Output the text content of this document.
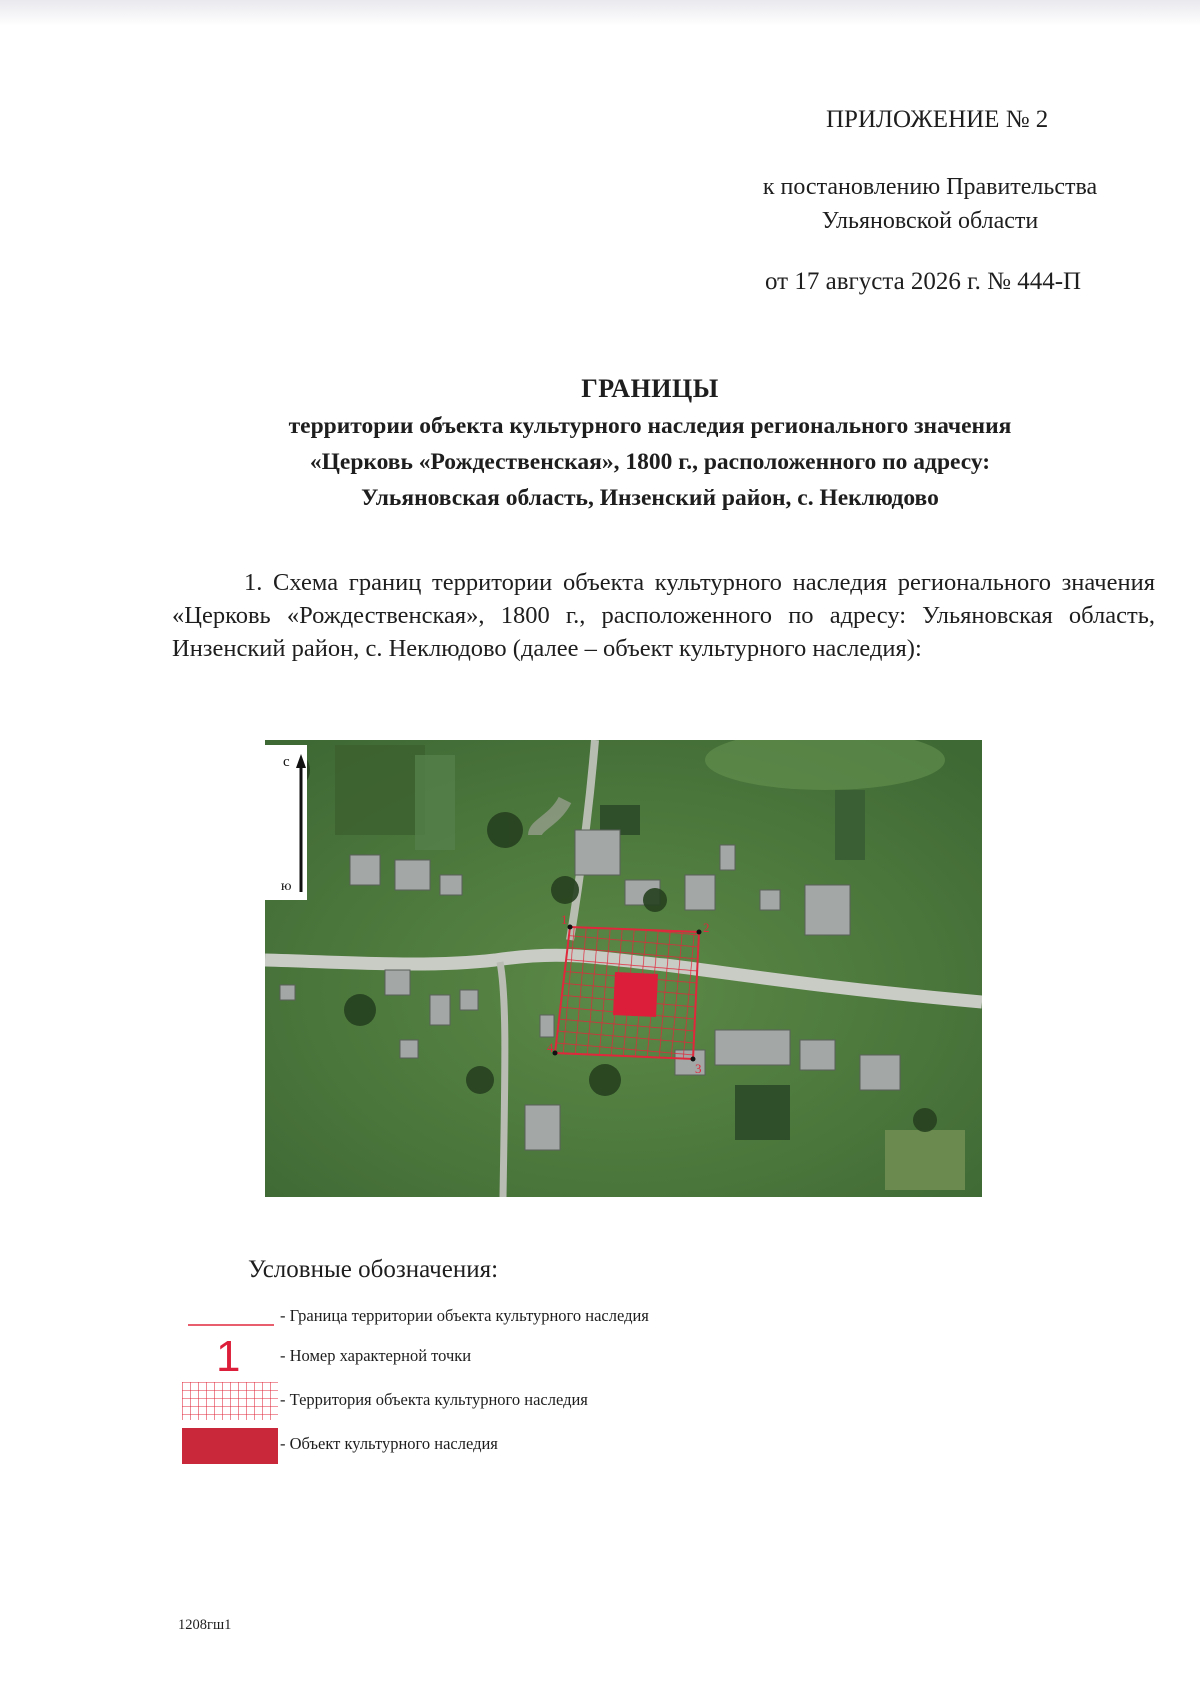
ПРИЛОЖЕНИЕ № 2
к постановлению Правительства
Ульяновской области
от 17 августа 2026 г. № 444-П
ГРАНИЦЫ
территории объекта культурного наследия регионального значения
«Церковь «Рождественская», 1800 г., расположенного по адресу:
Ульяновская область, Инзенский район, с. Неклюдово
1. Схема границ территории объекта культурного наследия регионального значения «Церковь «Рождественская», 1800 г., расположенного по адресу: Ульяновская область, Инзенский район, с. Неклюдово (далее – объект культурного наследия):
с
ю
1
2
3
4
Условные обозначения:
- Граница территории объекта культурного наследия
1 - Номер характерной точки
- Территория объекта культурного наследия
- Объект культурного наследия
1208гш1
